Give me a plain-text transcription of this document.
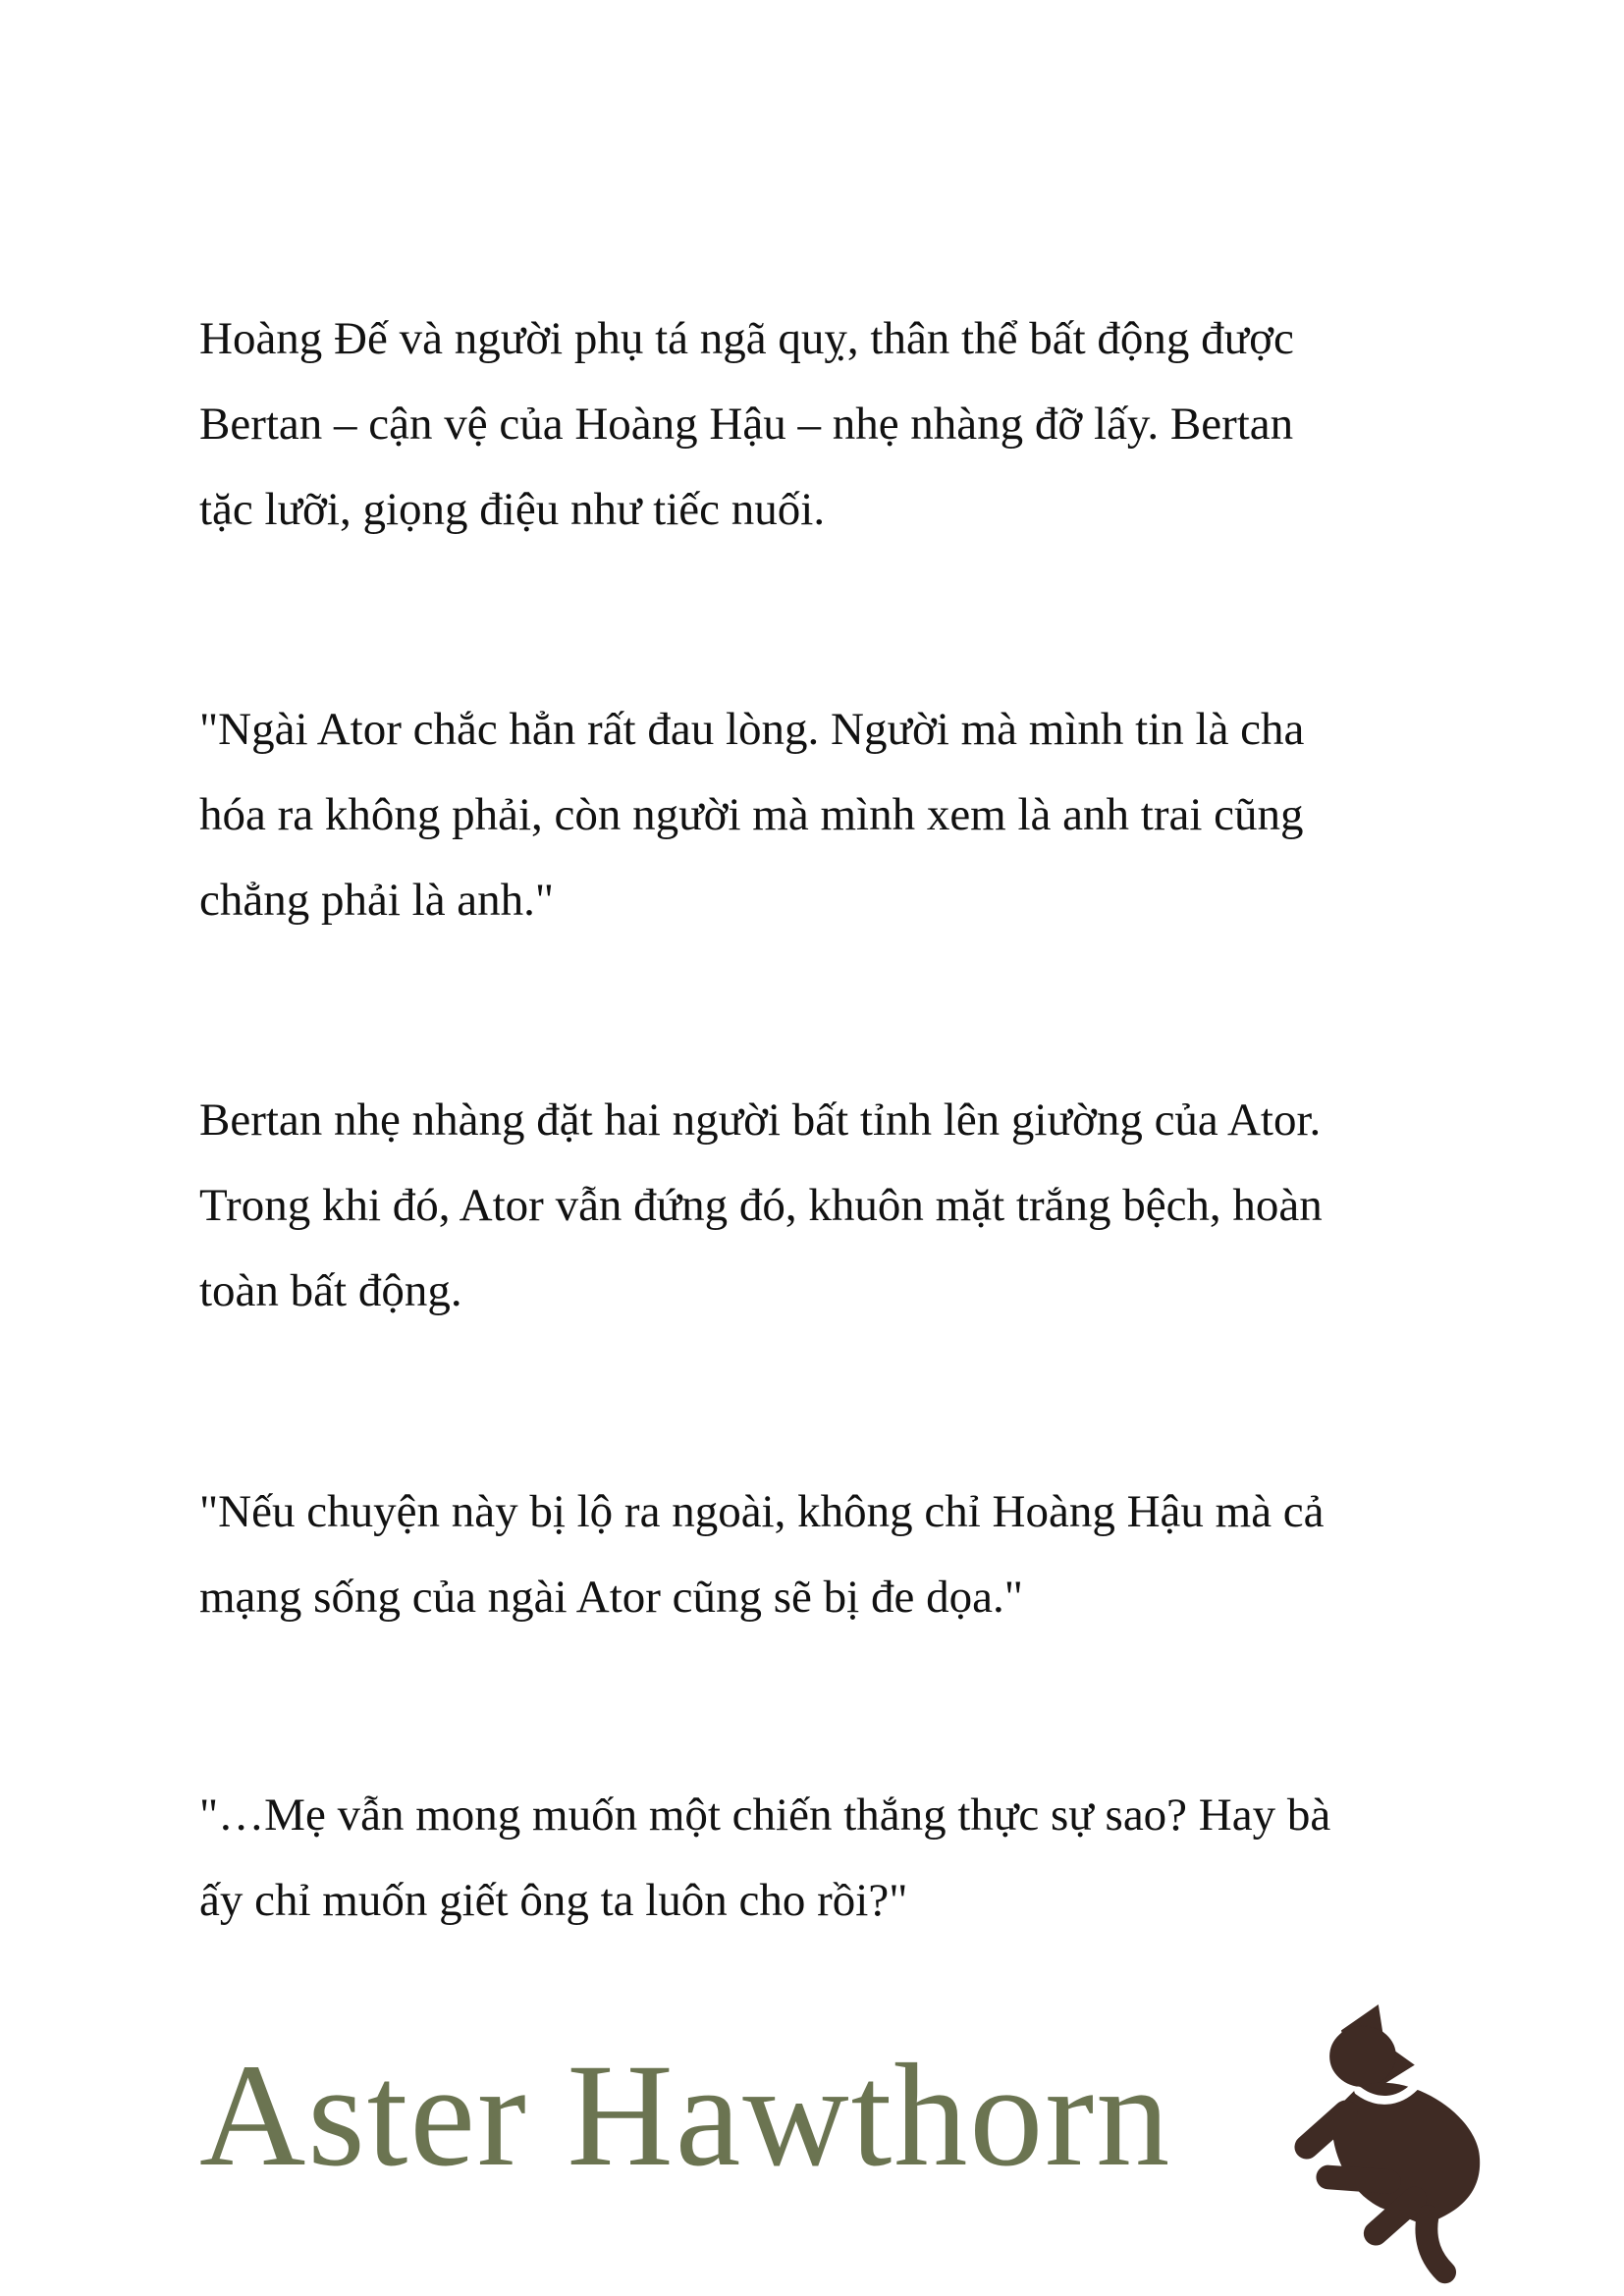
Hoàng Đế và người phụ tá ngã quỵ, thân thể bất động được
Bertan – cận vệ của Hoàng Hậu – nhẹ nhàng đỡ lấy. Bertan
tặc lưỡi, giọng điệu như tiếc nuối.
"Ngài Ator chắc hẳn rất đau lòng. Người mà mình tin là cha
hóa ra không phải, còn người mà mình xem là anh trai cũng
chẳng phải là anh."
Bertan nhẹ nhàng đặt hai người bất tỉnh lên giường của Ator.
Trong khi đó, Ator vẫn đứng đó, khuôn mặt trắng bệch, hoàn
toàn bất động.
"Nếu chuyện này bị lộ ra ngoài, không chỉ Hoàng Hậu mà cả
mạng sống của ngài Ator cũng sẽ bị đe dọa."
"…Mẹ vẫn mong muốn một chiến thắng thực sự sao? Hay bà
ấy chỉ muốn giết ông ta luôn cho rồi?"
Aster Hawthorn
